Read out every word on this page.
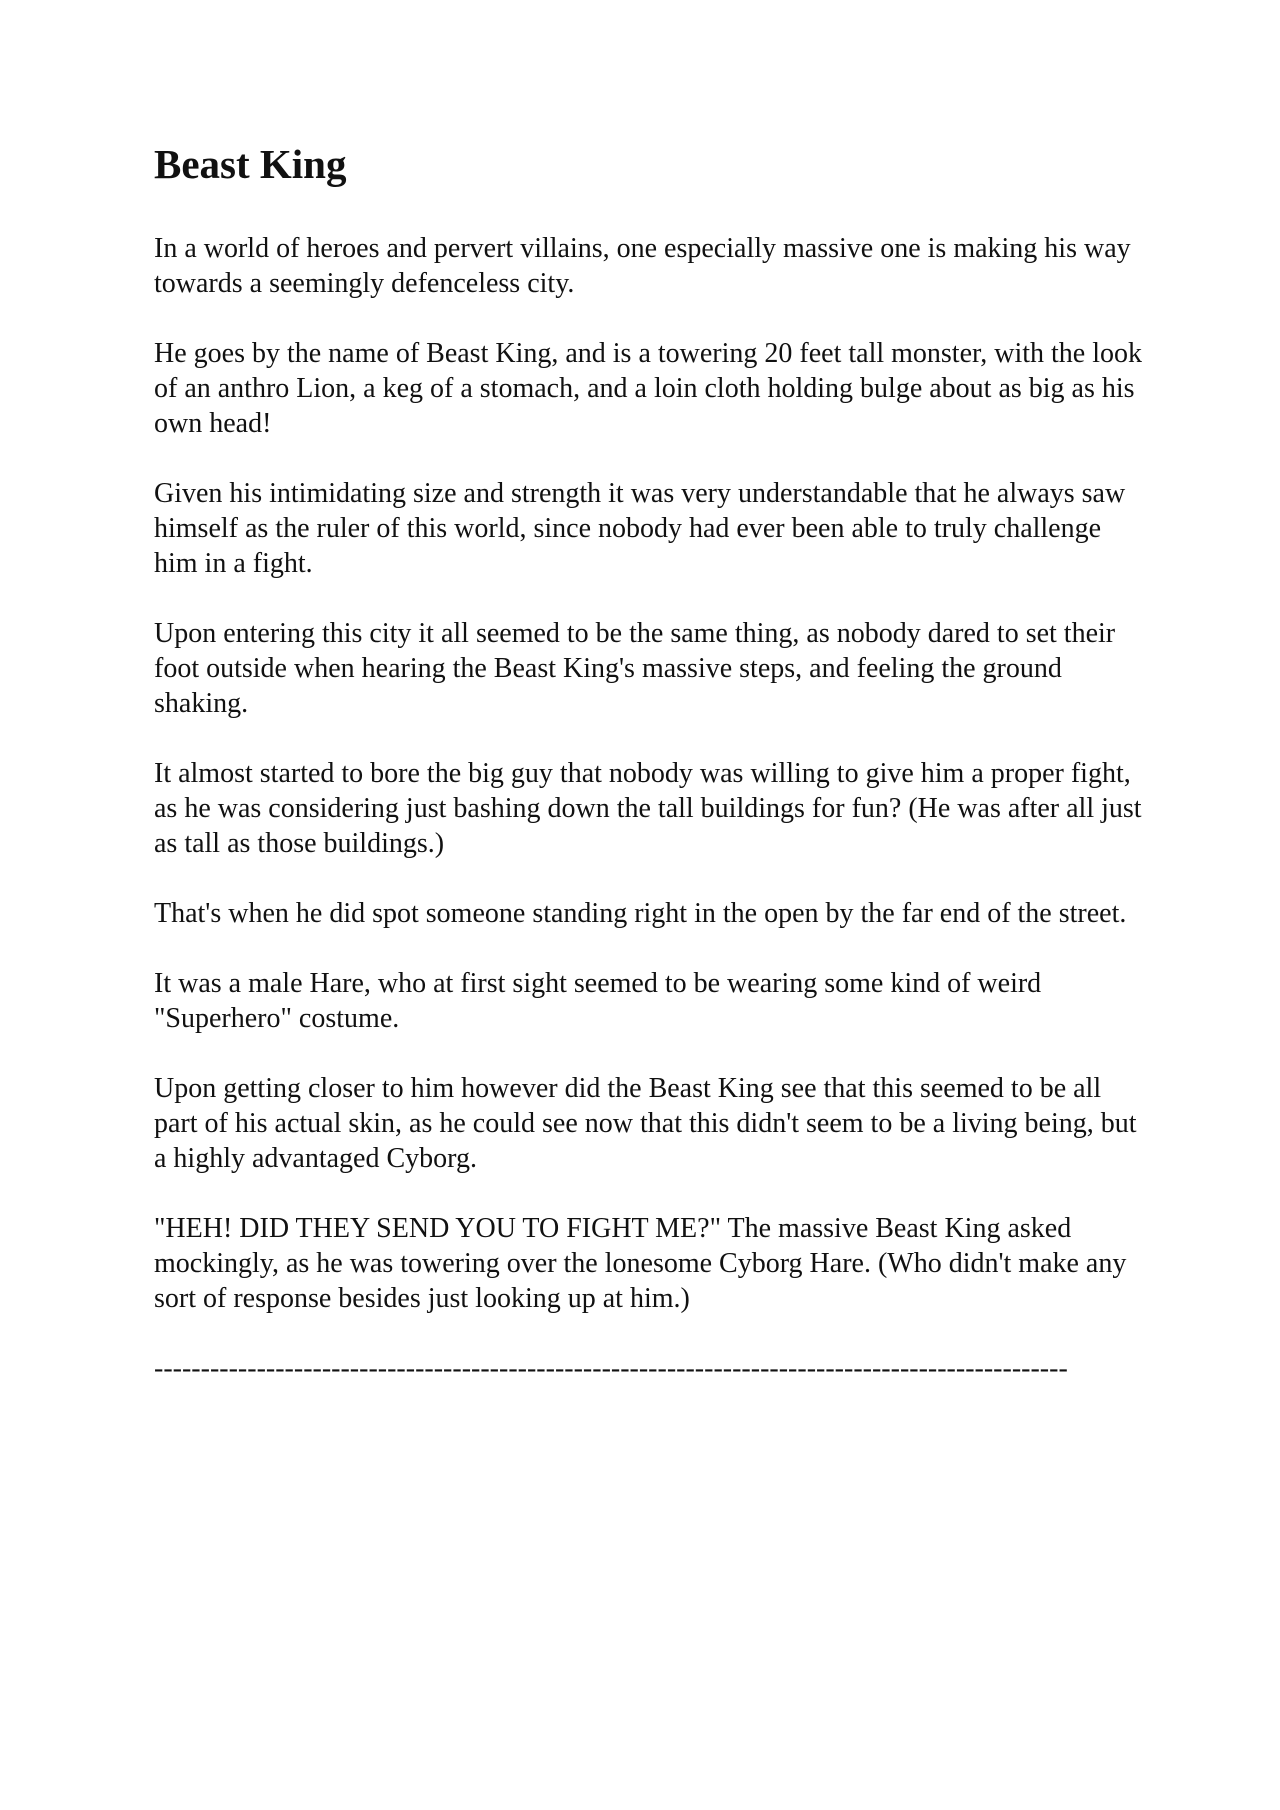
Beast King

In a world of heroes and pervert villains, one especially massive one is making his way towards a seemingly defenceless city.

He goes by the name of Beast King, and is a towering 20 feet tall monster, with the look of an anthro Lion, a keg of a stomach, and a loin cloth holding bulge about as big as his own head!

Given his intimidating size and strength it was very understandable that he always saw himself as the ruler of this world, since nobody had ever been able to truly challenge him in a fight.

Upon entering this city it all seemed to be the same thing, as nobody dared to set their foot outside when hearing the Beast King's massive steps, and feeling the ground shaking.

It almost started to bore the big guy that nobody was willing to give him a proper fight, as he was considering just bashing down the tall buildings for fun? (He was after all just as tall as those buildings.)

That's when he did spot someone standing right in the open by the far end of the street.

It was a male Hare, who at first sight seemed to be wearing some kind of weird "Superhero" costume.

Upon getting closer to him however did the Beast King see that this seemed to be all part of his actual skin, as he could see now that this didn't seem to be a living being, but a highly advantaged Cyborg.

"HEH! DID THEY SEND YOU TO FIGHT ME?" The massive Beast King asked mockingly, as he was towering over the lonesome Cyborg Hare. (Who didn't make any sort of response besides just looking up at him.)

--------------------------------------------------------------------------------------------------
